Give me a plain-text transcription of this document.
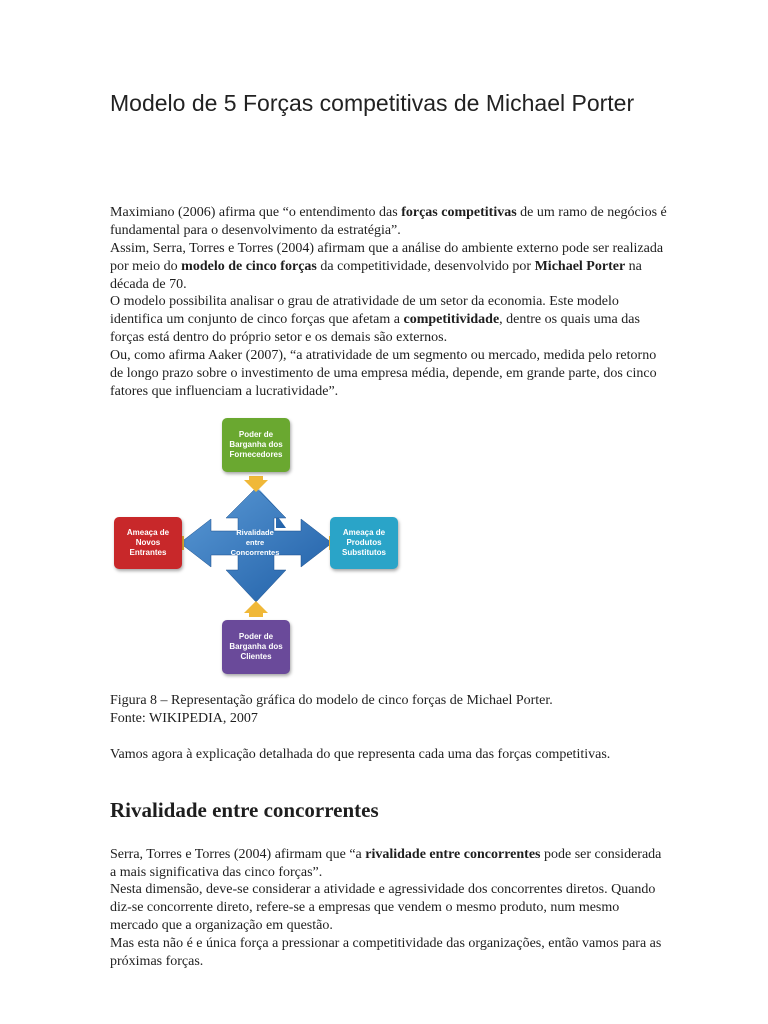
Modelo de 5 Forças competitivas de Michael Porter

Maximiano (2006) afirma que “o entendimento das forças competitivas de um ramo de negócios é fundamental para o desenvolvimento da estratégia”.

Assim, Serra, Torres e Torres (2004) afirmam que a análise do ambiente externo pode ser realizada por meio do modelo de cinco forças da competitividade, desenvolvido por Michael Porter na década de 70.

O modelo possibilita analisar o grau de atratividade de um setor da economia. Este modelo identifica um conjunto de cinco forças que afetam a competitividade, dentre os quais uma das forças está dentro do próprio setor e os demais são externos.

Ou, como afirma Aaker (2007), “a atratividade de um segmento ou mercado, medida pelo retorno de longo prazo sobre o investimento de uma empresa média, depende, em grande parte, dos cinco fatores que influenciam a lucratividade”.

Poder de
Barganha dos
Fornecedores
Ameaça de
Novos
Entrantes
Ameaça de
Produtos
Substitutos
Poder de
Barganha dos
Clientes
Rivalidade
entre
Concorrentes

Figura 8 – Representação gráfica do modelo de cinco forças de Michael Porter.

Fonte: WIKIPEDIA, 2007

Vamos agora à explicação detalhada do que representa cada uma das forças competitivas.

Rivalidade entre concorrentes

Serra, Torres e Torres (2004) afirmam que “a rivalidade entre concorrentes pode ser considerada a mais significativa das cinco forças”.

Nesta dimensão, deve-se considerar a atividade e agressividade dos concorrentes diretos. Quando diz-se concorrente direto, refere-se a empresas que vendem o mesmo produto, num mesmo mercado que a organização em questão.

Mas esta não é e única força a pressionar a competitividade das organizações, então vamos para as próximas forças.
